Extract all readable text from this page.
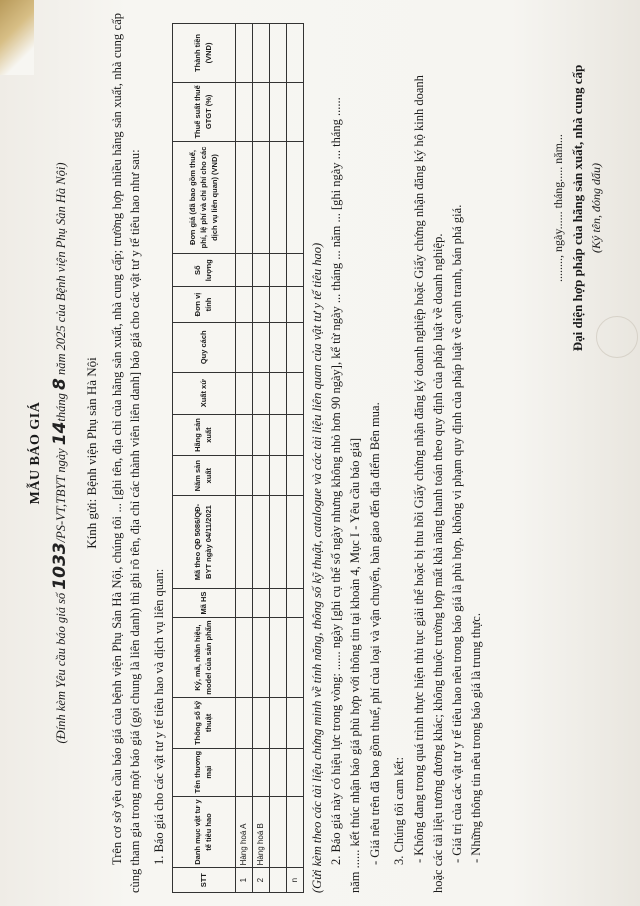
MẪU BÁO GIÁ
(Đính kèm Yêu cầu báo giá số 1033/PS-VT,TBYT ngày 14tháng 8 năm 2025 của Bệnh viện Phụ Sản Hà Nội)
Kính gửi: Bệnh viện Phụ sản Hà Nội Trên cơ sở yêu cầu báo giá của bệnh viện Phụ Sản Hà Nội, chúng tôi ... [ghi tên, địa chỉ của hãng sản xuất, nhà cung cấp; trường hợp nhiều hãng sản xuất, nhà cung cấp cùng tham gia trong một báo giá (gọi chung là liên danh) thì ghi rõ tên, địa chỉ các thành viên liên danh] báo giá cho các vật tư y tế tiêu hao như sau: 1. Báo giá cho các vật tư y tế tiêu hao và dịch vụ liên quan:
STT	Danh mục vật tư y tế tiêu hao	Tên thương mại	Thông số kỹ thuật	Ký, mã, nhãn hiệu, model của sản phẩm	Mã HS	Mã theo QĐ 5086/QĐ-BYT ngày 04/11/2021	Năm sản xuất	Hãng sản xuất	Xuất xứ	Quy cách	Đơn vị tính	Số lượng	Đơn giá (đã bao gồm thuế, phí, lệ phí và chi phí cho các dịch vụ liên quan) (VND)	Thuế suất thuế GTGT (%)	Thành tiền (VND)
1	Hàng hoá A														
2	Hàng hoá B														

n															(Gửi kèm theo các tài liệu chứng minh về tính năng, thông số kỹ thuật, catalogue và các tài liệu liên quan của vật tư y tế tiêu hao) 2. Báo giá này có hiệu lực trong vòng: ...... ngày [ghi cụ thể số ngày nhưng không nhỏ hơn 90 ngày], kể từ ngày ... tháng ... năm ... [ghi ngày ... tháng ...... năm ...... kết thúc nhận báo giá phù hợp với thông tin tại khoản 4, Mục I - Yêu cầu báo giá] - Giá nêu trên đã bao gồm thuế, phí của loại và vận chuyển, bàn giao đến địa điểm Bên mua. 3. Chúng tôi cam kết: - Không đang trong quá trình thực hiện thủ tục giải thể hoặc bị thu hồi Giấy chứng nhận đăng ký doanh nghiệp hoặc Giấy chứng nhận đăng ký hộ kinh doanh hoặc các tài liệu tương đương khác; không thuộc trường hợp mất khả năng thanh toán theo quy định của pháp luật về doanh nghiệp. - Giá trị của các vật tư y tế tiêu hao nêu trong báo giá là phù hợp, không vi phạm quy định của pháp luật về cạnh tranh, bán phá giá. - Những thông tin nêu trong báo giá là trung thực.
........, ngày...... tháng..... năm... Đại diện hợp pháp của hãng sản xuất, nhà cung cấp (Ký tên, đóng dấu)
